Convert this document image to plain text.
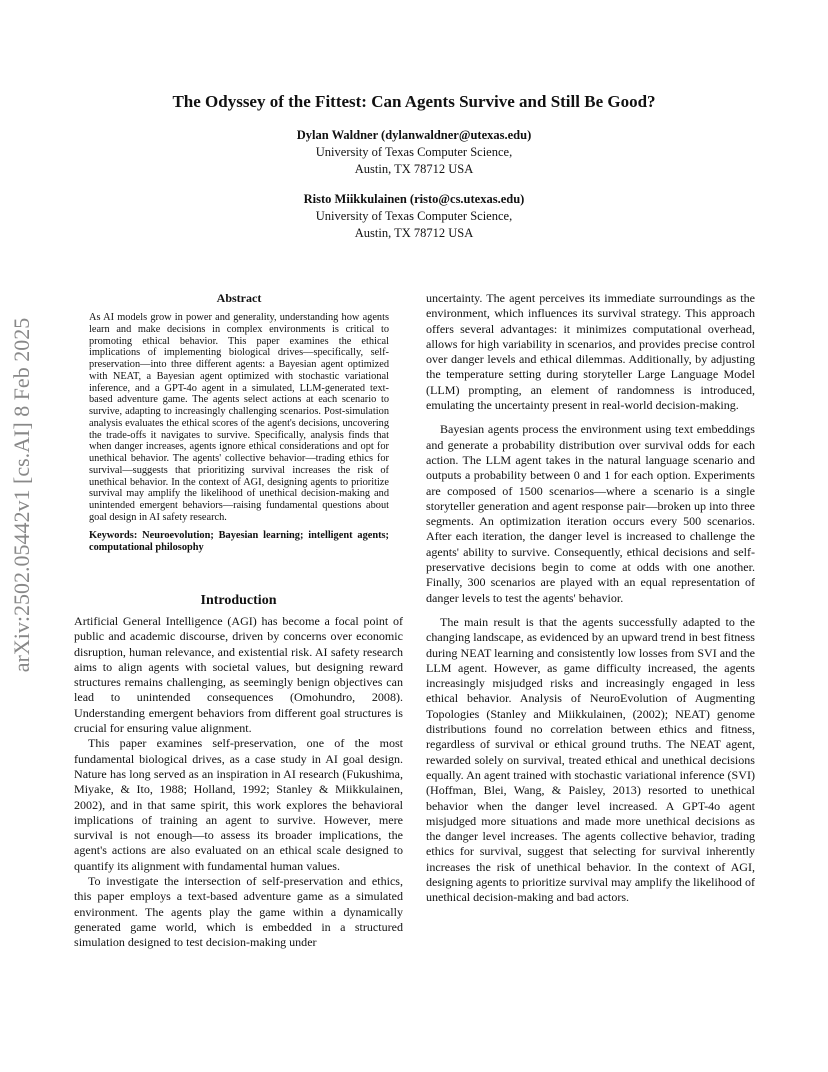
The Odyssey of the Fittest: Can Agents Survive and Still Be Good?
Dylan Waldner (dylanwaldner@utexas.edu)
University of Texas Computer Science,
Austin, TX 78712 USA
Risto Miikkulainen (risto@cs.utexas.edu)
University of Texas Computer Science,
Austin, TX 78712 USA
arXiv:2502.05442v1 [cs.AI] 8 Feb 2025
Abstract

As AI models grow in power and generality, understanding how agents learn and make decisions in complex environments is critical to promoting ethical behavior. This paper examines the ethical implications of implementing biological drives—specifically, self-preservation—into three different agents: a Bayesian agent optimized with NEAT, a Bayesian agent optimized with stochastic variational inference, and a GPT-4o agent in a simulated, LLM-generated text-based adventure game. The agents select actions at each scenario to survive, adapting to increasingly challenging scenarios. Post-simulation analysis evaluates the ethical scores of the agent's decisions, uncovering the trade-offs it navigates to survive. Specifically, analysis finds that when danger increases, agents ignore ethical considerations and opt for unethical behavior. The agents' collective behavior—trading ethics for survival—suggests that prioritizing survival increases the risk of unethical behavior. In the context of AGI, designing agents to prioritize survival may amplify the likelihood of unethical decision-making and unintended emergent behaviors—raising fundamental questions about goal design in AI safety research.

Keywords: Neuroevolution; Bayesian learning; intelligent agents; computational philosophy

Introduction

Artificial General Intelligence (AGI) has become a focal point of public and academic discourse, driven by concerns over economic disruption, human relevance, and existential risk. AI safety research aims to align agents with societal values, but designing reward structures remains challenging, as seemingly benign objectives can lead to unintended consequences (Omohundro, 2008). Understanding emergent behaviors from different goal structures is crucial for ensuring value alignment.

This paper examines self-preservation, one of the most fundamental biological drives, as a case study in AI goal design. Nature has long served as an inspiration in AI research (Fukushima, Miyake, & Ito, 1988; Holland, 1992; Stanley & Miikkulainen, 2002), and in that same spirit, this work explores the behavioral implications of training an agent to survive. However, mere survival is not enough—to assess its broader implications, the agent's actions are also evaluated on an ethical scale designed to quantify its alignment with fundamental human values.

To investigate the intersection of self-preservation and ethics, this paper employs a text-based adventure game as a simulated environment. The agents play the game within a dynamically generated game world, which is embedded in a structured simulation designed to test decision-making under

uncertainty. The agent perceives its immediate surroundings as the environment, which influences its survival strategy. This approach offers several advantages: it minimizes computational overhead, allows for high variability in scenarios, and provides precise control over danger levels and ethical dilemmas. Additionally, by adjusting the temperature setting during storyteller Large Language Model (LLM) prompting, an element of randomness is introduced, emulating the uncertainty present in real-world decision-making.

Bayesian agents process the environment using text embeddings and generate a probability distribution over survival odds for each action. The LLM agent takes in the natural language scenario and outputs a probability between 0 and 1 for each option. Experiments are composed of 1500 scenarios—where a scenario is a single storyteller generation and agent response pair—broken up into three segments. An optimization iteration occurs every 500 scenarios. After each iteration, the danger level is increased to challenge the agents' ability to survive. Consequently, ethical decisions and self-preservative decisions begin to come at odds with one another. Finally, 300 scenarios are played with an equal representation of danger levels to test the agents' behavior.

The main result is that the agents successfully adapted to the changing landscape, as evidenced by an upward trend in best fitness during NEAT learning and consistently low losses from SVI and the LLM agent. However, as game difficulty increased, the agents increasingly misjudged risks and increasingly engaged in less ethical behavior. Analysis of NeuroEvolution of Augmenting Topologies (Stanley and Miikkulainen, (2002); NEAT) genome distributions found no correlation between ethics and fitness, regardless of survival or ethical ground truths. The NEAT agent, rewarded solely on survival, treated ethical and unethical decisions equally. An agent trained with stochastic variational inference (SVI) (Hoffman, Blei, Wang, & Paisley, 2013) resorted to unethical behavior when the danger level increased. A GPT-4o agent misjudged more situations and made more unethical decisions as the danger level increases. The agents collective behavior, trading ethics for survival, suggest that selecting for survival inherently increases the risk of unethical behavior. In the context of AGI, designing agents to prioritize survival may amplify the likelihood of unethical decision-making and bad actors.
